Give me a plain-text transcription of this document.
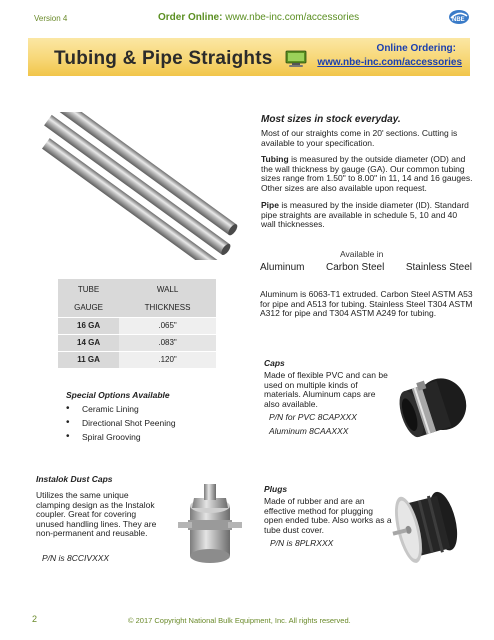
Version 4	Order Online: www.nbe-inc.com/accessories	NBE
Tubing & Pipe Straights	Online Ordering:
www.nbe-inc.com/accessories
Most sizes in stock everyday.
Most of our straights come in 20' sections. Cutting is available to your specification.
Tubing is measured by the outside diameter (OD) and the wall thickness by gauge (GA). Our common tubing sizes range from 1.50" to 8.00" in 11, 14 and 16 gauges. Other sizes are also available upon request.
Pipe is measured by the inside diameter (ID). Standard pipe straights are available in schedule 5, 10 and 40 wall thicknesses.
Available in
Aluminum Carbon Steel Stainless Steel
Aluminum is 6063-T1 extruded. Carbon Steel ASTM A53 for pipe and A513 for tubing. Stainless Steel T304 ASTM A312 for pipe and T304 ASTM A249 for tubing.
TUBE	WALL
GAUGE	THICKNESS
16 GA	.065"
14 GA	.083"
11 GA	.120"
Special Options Available
• Ceramic Lining
• Directional Shot Peening
• Spiral Grooving
Caps
Made of flexible PVC and can be used on multiple kinds of materials. Aluminum caps are also available.
P/N for PVC 8CAPXXX
Aluminum 8CAAXXX
Instalok Dust Caps
Utilizes the same unique clamping design as the Instalok coupler. Great for covering unused handling lines. They are non-permanent and reusable.
P/N is 8CCIVXXX
Plugs
Made of rubber and are an effective method for plugging open ended tube. Also works as a tube dust cover.
P/N is 8PLRXXX
2	© 2017 Copyright National Bulk Equipment, Inc. All rights reserved.
